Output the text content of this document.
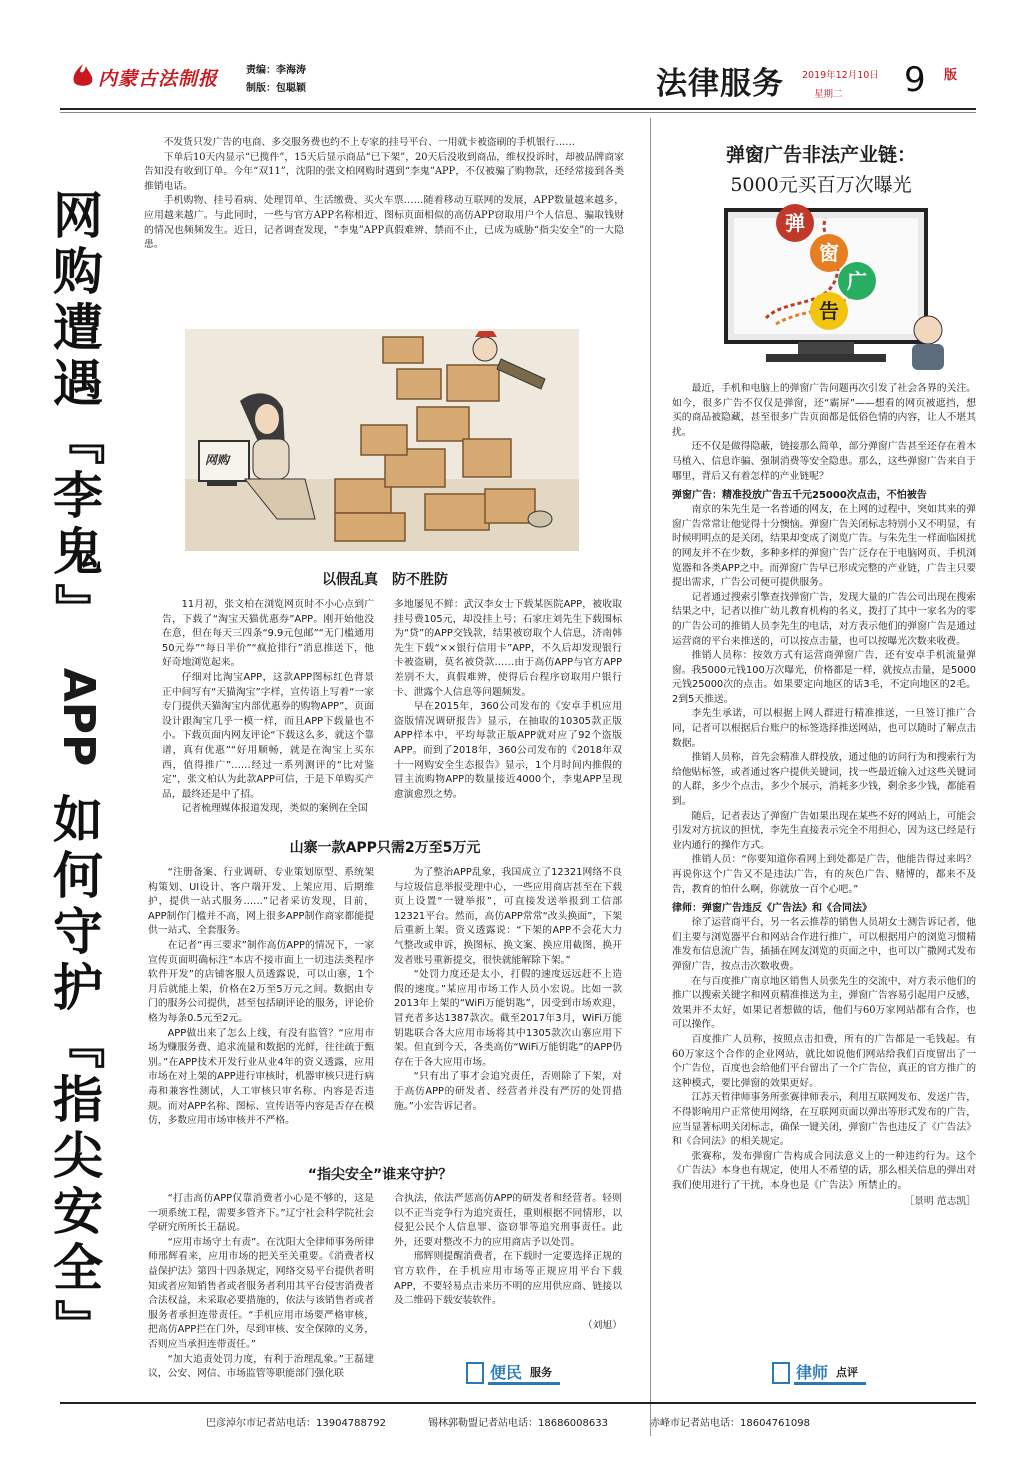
内蒙古法制报	责编：李海涛
制版：包聪颖	法律服务 2019年12月10日
星期二 9 版
网
购
遭
遇
『
李
鬼
』
APP
如
何
守
护
『
指
尖
安
全
』

不发货只发广告的电商、多交服务费也约不上专家的挂号平台、一用就卡被盗刷的手机银行……

下单后10天内显示“已揽件”，15天后显示商品“已下架”，20天后没收到商品，维权投诉时，却被品牌商家告知没有收到订单。今年“双11”，沈阳的张文柏网购时遇到“李鬼”APP，不仅被骗了购物款，还经常接到各类推销电话。

手机购物、挂号看病、处理罚单、生活缴费、买火车票……随着移动互联网的发展，APP数量越来越多，应用越来越广。与此同时，一些与官方APP名称相近、图标页面相似的高仿APP窃取用户个人信息、骗取钱财的情况也频频发生。近日，记者调查发现，“李鬼”APP真假难辨、禁而不止，已成为威胁“指尖安全”的一大隐患。

网购
以假乱真　防不胜防

11月初，张文柏在浏览网页时不小心点到广告，下载了“淘宝天猫优惠券”APP。刚开始他没在意，但在每天三四条“9.9元包邮”“无门槛通用50元券”“每日半价”“疯抢排行”消息推送下，他好奇地浏览起来。

仔细对比淘宝APP，这款APP图标红色背景正中间写有“天猫淘宝”字样，宣传语上写着“一家专门提供天猫淘宝内部优惠券的购物APP”，页面设计跟淘宝几乎一模一样，而且APP下载量也不小。下载页面内网友评论“下载这么多，就这个靠谱，真有优惠”“好用顺畅，就是在淘宝上买东西，值得推广”……经过一系列测评的“比对鉴定”，张文柏认为此款APP可信，于是下单购买产品，最终还是中了招。

记者梳理媒体报道发现，类似的案例在全国

多地屡见不鲜：武汉李女士下载某医院APP，被收取挂号费105元，却没挂上号；石家庄刘先生下载围标为“贷”的APP交钱款，结果被窃取个人信息，济南韩先生下载“××银行信用卡”APP，不久后却发现银行卡被盗刷，莫名被贷款……由于高仿APP与官方APP差别不大，真假难辨，使得后台程序窃取用户银行卡、泄露个人信息等问题频发。

早在2015年，360公司发布的《安卓手机应用盗版情况调研报告》显示，在抽取的10305款正版APP样本中，平均每款正版APP就对应了92个盗版APP。而到了2018年，360公司发布的《2018年双十一网购安全生态报告》显示，1个月时间内推假的冒主流购物APP的数量接近4000个，李鬼APP呈现愈演愈烈之势。

山寨一款APP只需2万至5万元

“注册备案、行业调研、专业策划原型、系统架构策划、UI设计、客户端开发、上架应用、后期维护，提供一站式服务……”记者采访发现，目前，APP制作门槛并不高，网上很多APP制作商家都能提供一站式、全套服务。

在记者“再三要求”制作高仿APP的情况下，一家宣传页面明确标注“本店不接市面上一切违法类程序软件开发”的店铺客服人员透露说，可以山寨，1个月后就能上架，价格在2万至5万元之间。数据由专门的服务公司提供，甚至包括刷评论的服务，评论价格为每条0.5元至2元。

APP做出来了怎么上线，有没有监管？“应用市场为赚服务费、追求流量和数据的光鲜，往往疏于甄别。”在APP技术开发行业从业4年的资义透露，应用市场在对上架的APP进行审核时，机器审核只进行病毒和兼容性测试，人工审核只审名称、内容是否违规。而对APP名称、图标、宣传语等内容是否存在模仿，多数应用市场审核并不严格。

为了整治APP乱象，我国成立了12321网络不良与垃圾信息举报受理中心，一些应用商店甚至在下载页上设置“一键举报”，可直接发送举报到工信部12321平台。然而，高仿APP常常“改头换面”，下架后重新上架。资义透露说：“下架的APP不会花大力气整改或申诉，换图标、换文案、换应用截图、换开发者账号重新提交，很快就能解除下架。”

“处罚力度还是太小，打假的速度远远赶不上造假的速度。”某应用市场工作人员小宏说。比如一款2013年上架的“WiFi万能钥匙”，因受到市场欢迎，冒充者多达1387款次。截至2017年3月，WiFi万能钥匙联合各大应用市场将其中1305款次山寨应用下架。但直到今天，各类高仿“WiFi万能钥匙”的APP仍存在于各大应用市场。

“只有出了事才会追究责任，否则除了下架，对于高仿APP的研发者、经营者并没有严厉的处罚措施。”小宏告诉记者。

“指尖安全”谁来守护？

“打击高仿APP仅靠消费者小心是不够的，这是一项系统工程，需要多管齐下。”辽宁社会科学院社会学研究所所长王磊说。

“应用市场守土有责”。在沈阳大全律师事务所律师邢辉看来，应用市场的把关至关重要。《消费者权益保护法》第四十四条规定，网络交易平台提供者明知或者应知销售者或者服务者利用其平台侵害消费者合法权益，未采取必要措施的，依法与该销售者或者服务者承担连带责任。“手机应用市场要严格审核，把高仿APP拦在门外，尽到审核、安全保障的义务，否则应当承担连带责任。”

“加大追责处罚力度，有利于治理乱象。”王磊建议，公安、网信、市场监管等职能部门强化联

合执法，依法严惩高仿APP的研发者和经营者。轻则以不正当竞争行为追究责任，重则根据不同情形，以侵犯公民个人信息罪、盗窃罪等追究刑事责任。此外，还要对整改不力的应用商店予以处罚。

邢辉则提醒消费者，在下载时一定要选择正规的官方软件，在手机应用市场等正规应用平台下载APP，不要轻易点击来历不明的应用供应商、链接以及二维码下载安装软件。

（刘旭）
弹窗广告非法产业链：
5000元买百万次曝光
弹
窗
广
告

最近，手机和电脑上的弹窗广告问题再次引发了社会各界的关注。如今，很多广告不仅仅是弹窗，还“霸屏”——想看的网页被遮挡，想买的商品被隐藏，甚至很多广告页面都是低俗色情的内容，让人不堪其扰。

还不仅是做得隐蔽，链接那么简单，部分弹窗广告甚至还存在着木马植入、信息诈骗、强制消费等安全隐患。那么，这些弹窗广告来自于哪里，背后又有着怎样的产业链呢？

弹窗广告：精准投放广告五千元25000次点击，不怕被告

南京的朱先生是一名普通的网友，在上网的过程中，突如其来的弹窗广告常常让他觉得十分懊恼。弹窗广告关闭标志特别小又不明显，有时候明明点的是关闭，结果却变成了浏览广告。与朱先生一样面临困扰的网友并不在少数，多种多样的弹窗广告广泛存在于电脑网页、手机浏览器和各类APP之中。而弹窗广告早已形成完整的产业链，广告主只要提出需求，广告公司便可提供服务。

记者通过搜索引擎查找弹窗广告，发现大量的广告公司出现在搜索结果之中，记者以推广幼儿教育机构的名义，拨打了其中一家名为的零的广告公司的推销人员李先生的电话，对方表示他们的弹窗广告是通过运营商的平台来推送的，可以按点击量，也可以按曝光次数来收费。

推销人员称：按效方式有运营商弹窗广告，还有安卓手机流量弹窗。我5000元钱100万次曝光，价格都是一样，就按点击量，是5000元钱25000次的点击。如果要定向地区的话3毛，不定向地区的2毛。2到5天推送。

李先生承诺，可以根据上网人群进行精准推送，一旦签订推广合同，记者可以根据后台账户的标签选择推送网站，也可以随时了解点击数据。

推销人员称，首先会精准人群投放，通过他的访问行为和搜索行为给他贴标签，或者通过客户提供关键词，找一些最近输入过这些关键词的人群，多少个点击，多少个展示，消耗多少钱，剩余多少钱，都能看到。

随后，记者表达了弹窗广告如果出现在某些不好的网站上，可能会引发对方抗议的担忧，李先生直接表示完全不用担心，因为这已经是行业内通行的操作方式。

推销人员：“你要知道你看网上到处都是广告，他能告得过来吗？再说你这个广告又不是违法广告，有的灰色广告、赌博的，都来不及告，教育的怕什么啊，你就放一百个心吧。”

律师：弹窗广告违反《广告法》和《合同法》

徐了运营商平台，另一名云推荐的销售人员胡女士测告诉记者，他们主要与浏览器平台和网站合作进行推广，可以根据用户的浏览习惯精准发布信息流广告，插插在网友浏览的页面之中，也可以广撒网式发布弹窗广告，按点击次数收费。

在与百度推广南京地区销售人员张先生的交流中，对方表示他们的推广以搜索关键字和网页精准推送为主，弹窗广告容易引起用户反感，效果并不太好，如果记者想做的话，他们与60万家网站都有合作，也可以操作。

百度推广人员称，按照点击扣费，所有的广告都是一毛钱起。有60万家这个合作的企业网站，就比如说他们网站给我们百度留出了一个广告位，百度也会给他们平台留出了一个广告位，真正的官方推广的这种模式，要比弹窗的效果更好。

江苏天哲律师事务所张赛律师表示，利用互联网发布、发送广告，不得影响用户正常使用网络，在互联网页面以弹出等形式发布的广告，应当显著标明关闭标志，确保一键关闭，弹窗广告也违反了《广告法》和《合同法》的相关规定。

张赛称，发布弹窗广告构成合同法意义上的一种违约行为。这个《广告法》本身也有规定，使用人不希望的话，那么相关信息的弹出对我们使用进行了干扰，本身也是《广告法》所禁止的。

［景明 范志凯］
便民 服务	律师 点评
巴彦淖尔市记者站电话：13904788792	锡林郭勒盟记者站电话：18686008633	赤峰市记者站电话：18604761098
